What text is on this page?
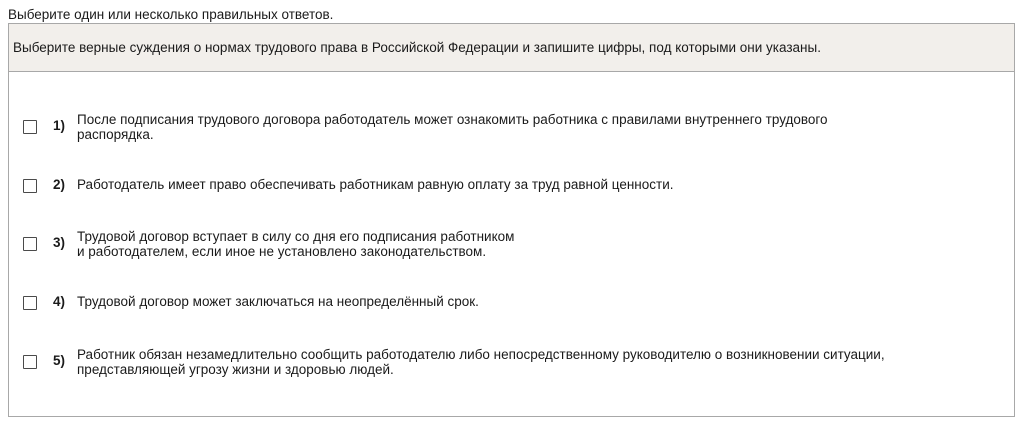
Выберите один или несколько правильных ответов.
Выберите верные суждения о нормах трудового права в Российской Федерации и запишите цифры, под которыми они указаны.
1) После подписания трудового договора работодатель может ознакомить работника с правилами внутреннего трудового
распорядка.
2) Работодатель имеет право обеспечивать работникам равную оплату за труд равной ценности.
3) Трудовой договор вступает в силу со дня его подписания работником
и работодателем, если иное не установлено законодательством.
4) Трудовой договор может заключаться на неопределённый срок.
5) Работник обязан незамедлительно сообщить работодателю либо непосредственному руководителю о возникновении ситуации,
представляющей угрозу жизни и здоровью людей.
